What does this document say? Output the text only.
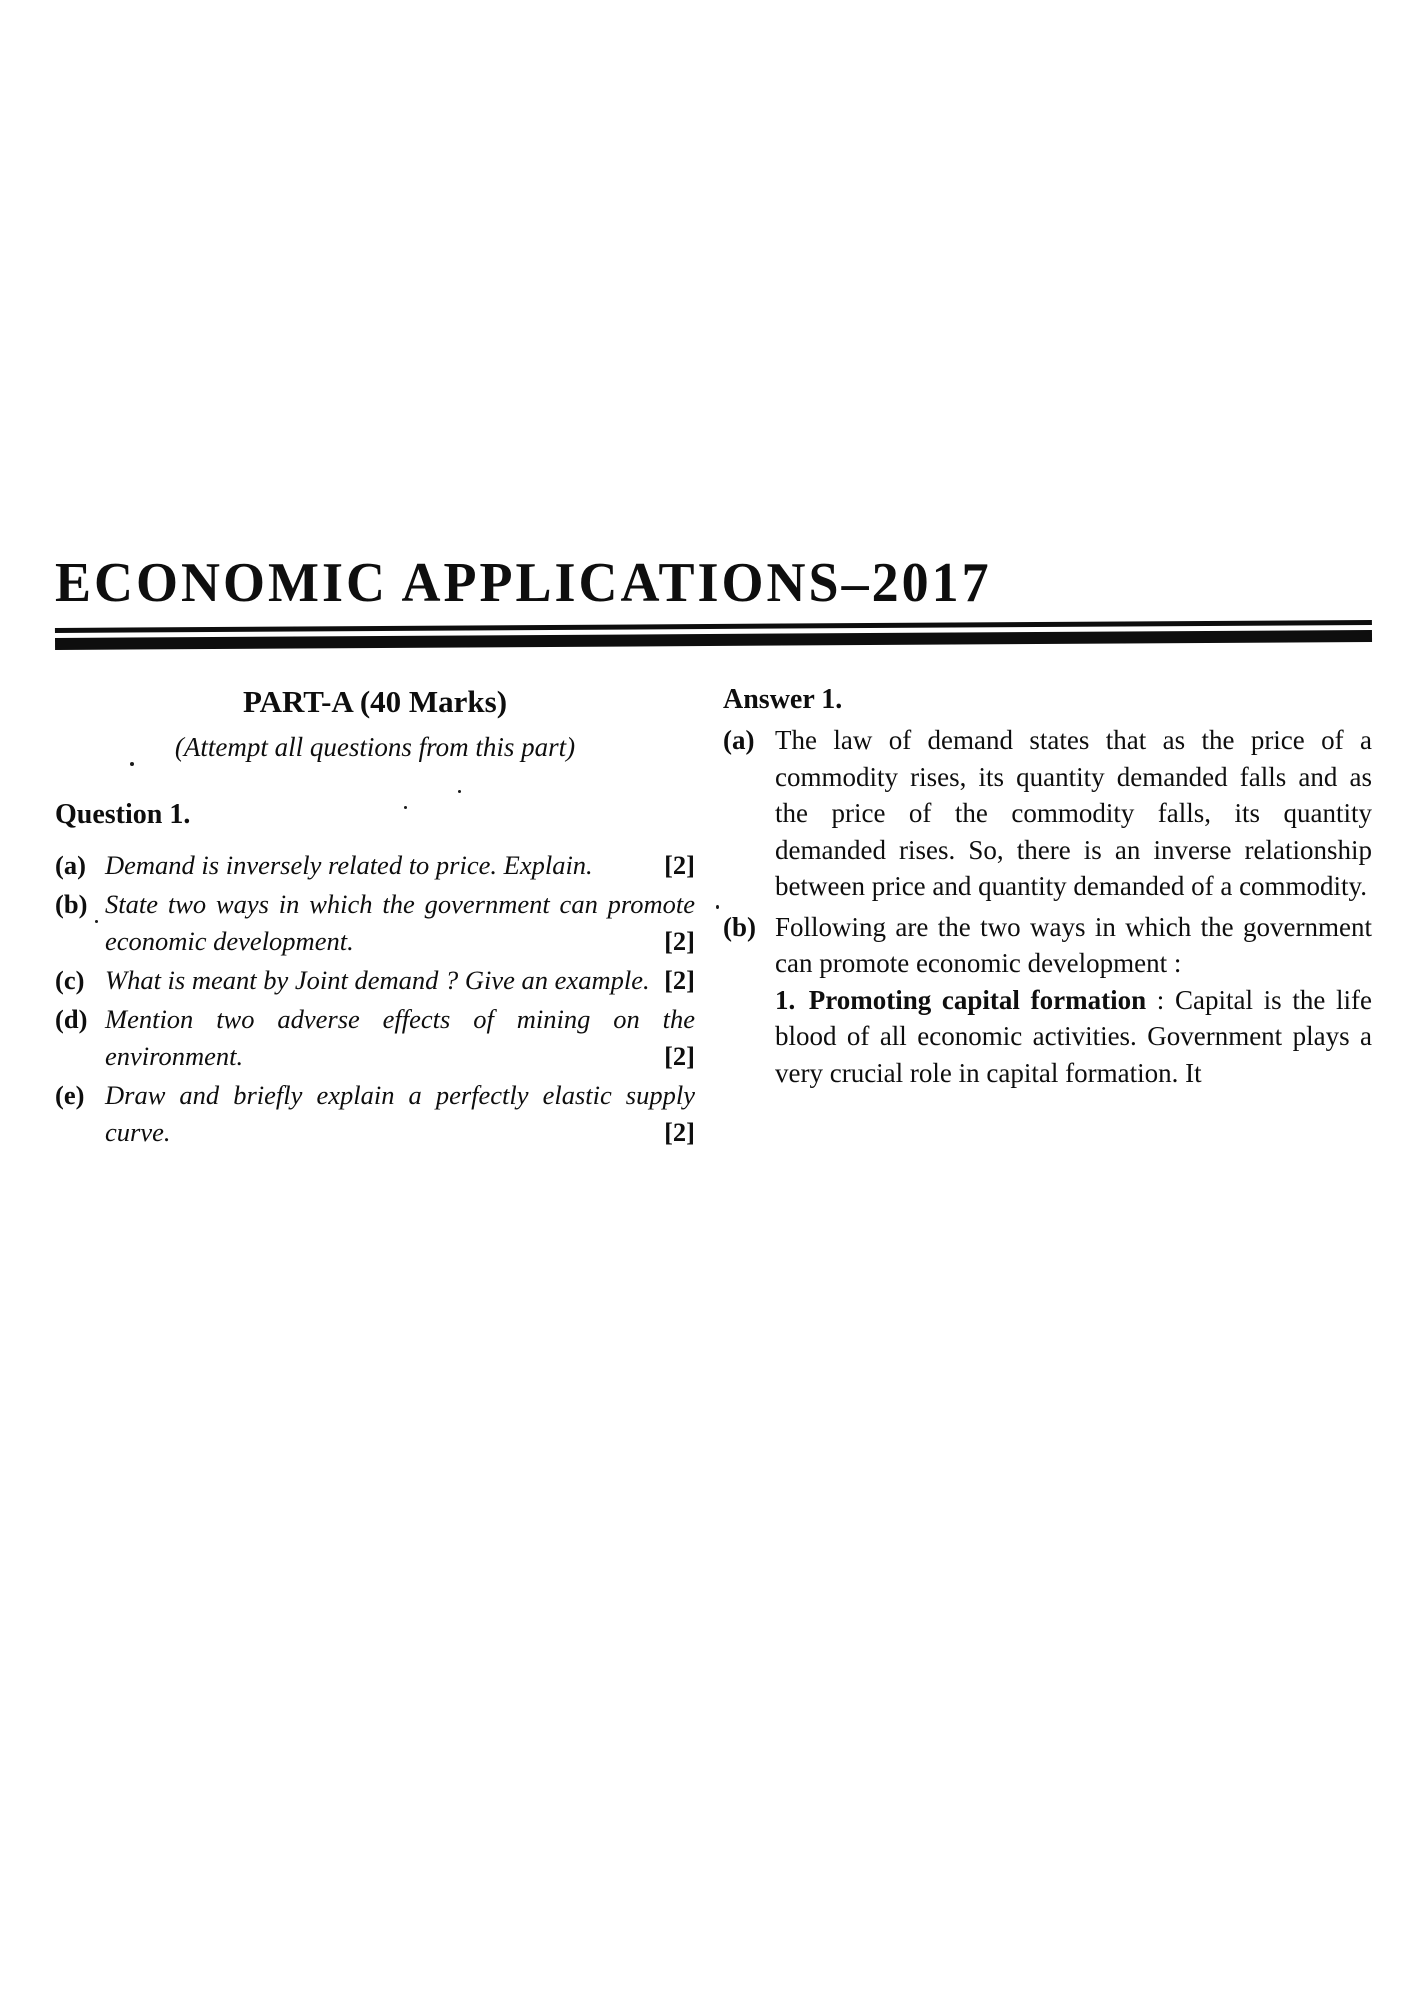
ECONOMIC APPLICATIONS–2017
PART-A (40 Marks)
(Attempt all questions from this part)
Question 1.
(a) Demand is inversely related to price. Explain.	[2]
(b) State two ways in which the government can promote economic development.	[2]
(c) What is meant by Joint demand ? Give an example. [2]
(d) Mention two adverse effects of mining on the environment.	[2]
(e) Draw and briefly explain a perfectly elastic supply curve.	[2]
Answer 1.
(a) The law of demand states that as the price of a commodity rises, its quantity demanded falls and as the price of the commodity falls, its quantity demanded rises. So, there is an inverse relationship between price and quantity demanded of a commodity.

(b) Following are the two ways in which the government can promote economic development :

1. Promoting capital formation : Capital is the life blood of all economic activities. Government plays a very crucial role in capital formation. It
